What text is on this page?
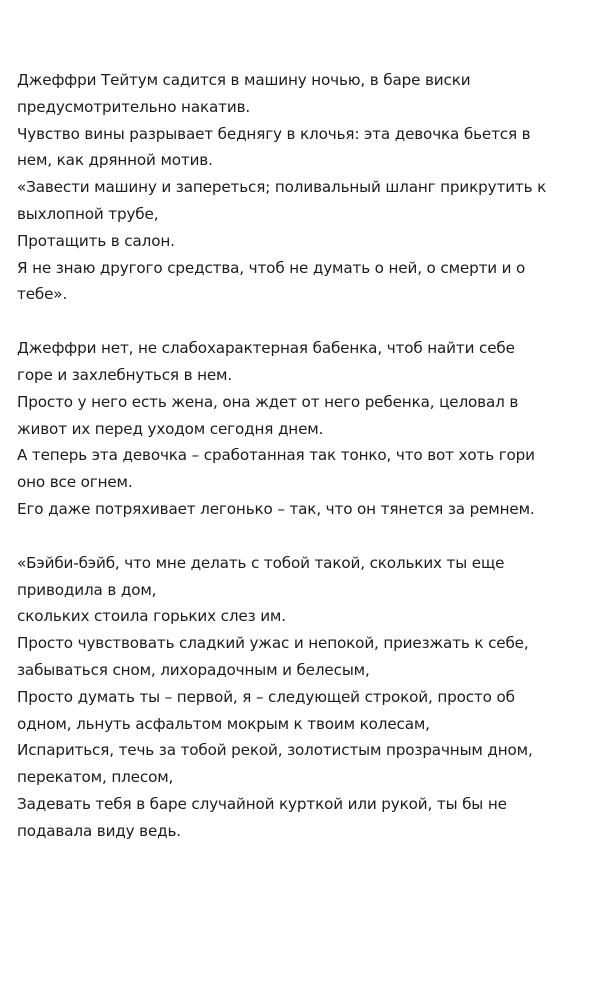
Джеффри Тейтум садится в машину ночью, в баре виски
предусмотрительно накатив.
Чувство вины разрывает беднягу в клочья: эта девочка бьется в
нем, как дрянной мотив.
«Завести машину и запереться; поливальный шланг прикрутить к
выхлопной трубе,
Протащить в салон.
Я не знаю другого средства, чтоб не думать о ней, о смерти и о
тебе».
Джеффри нет, не слабохарактерная бабенка, чтоб найти себе
горе и захлебнуться в нем.
Просто у него есть жена, она ждет от него ребенка, целовал в
живот их перед уходом сегодня днем.
А теперь эта девочка – сработанная так тонко, что вот хоть гори
оно все огнем.
Его даже потряхивает легонько – так, что он тянется за ремнем.
«Бэйби-бэйб, что мне делать с тобой такой, скольких ты еще
приводила в дом,
скольких стоила горьких слез им.
Просто чувствовать сладкий ужас и непокой, приезжать к себе,
забываться сном, лихорадочным и белесым,
Просто думать ты – первой, я – следующей строкой, просто об
одном, льнуть асфальтом мокрым к твоим колесам,
Испариться, течь за тобой рекой, золотистым прозрачным дном,
перекатом, плесом,
Задевать тебя в баре случайной курткой или рукой, ты бы не
подавала виду ведь.
